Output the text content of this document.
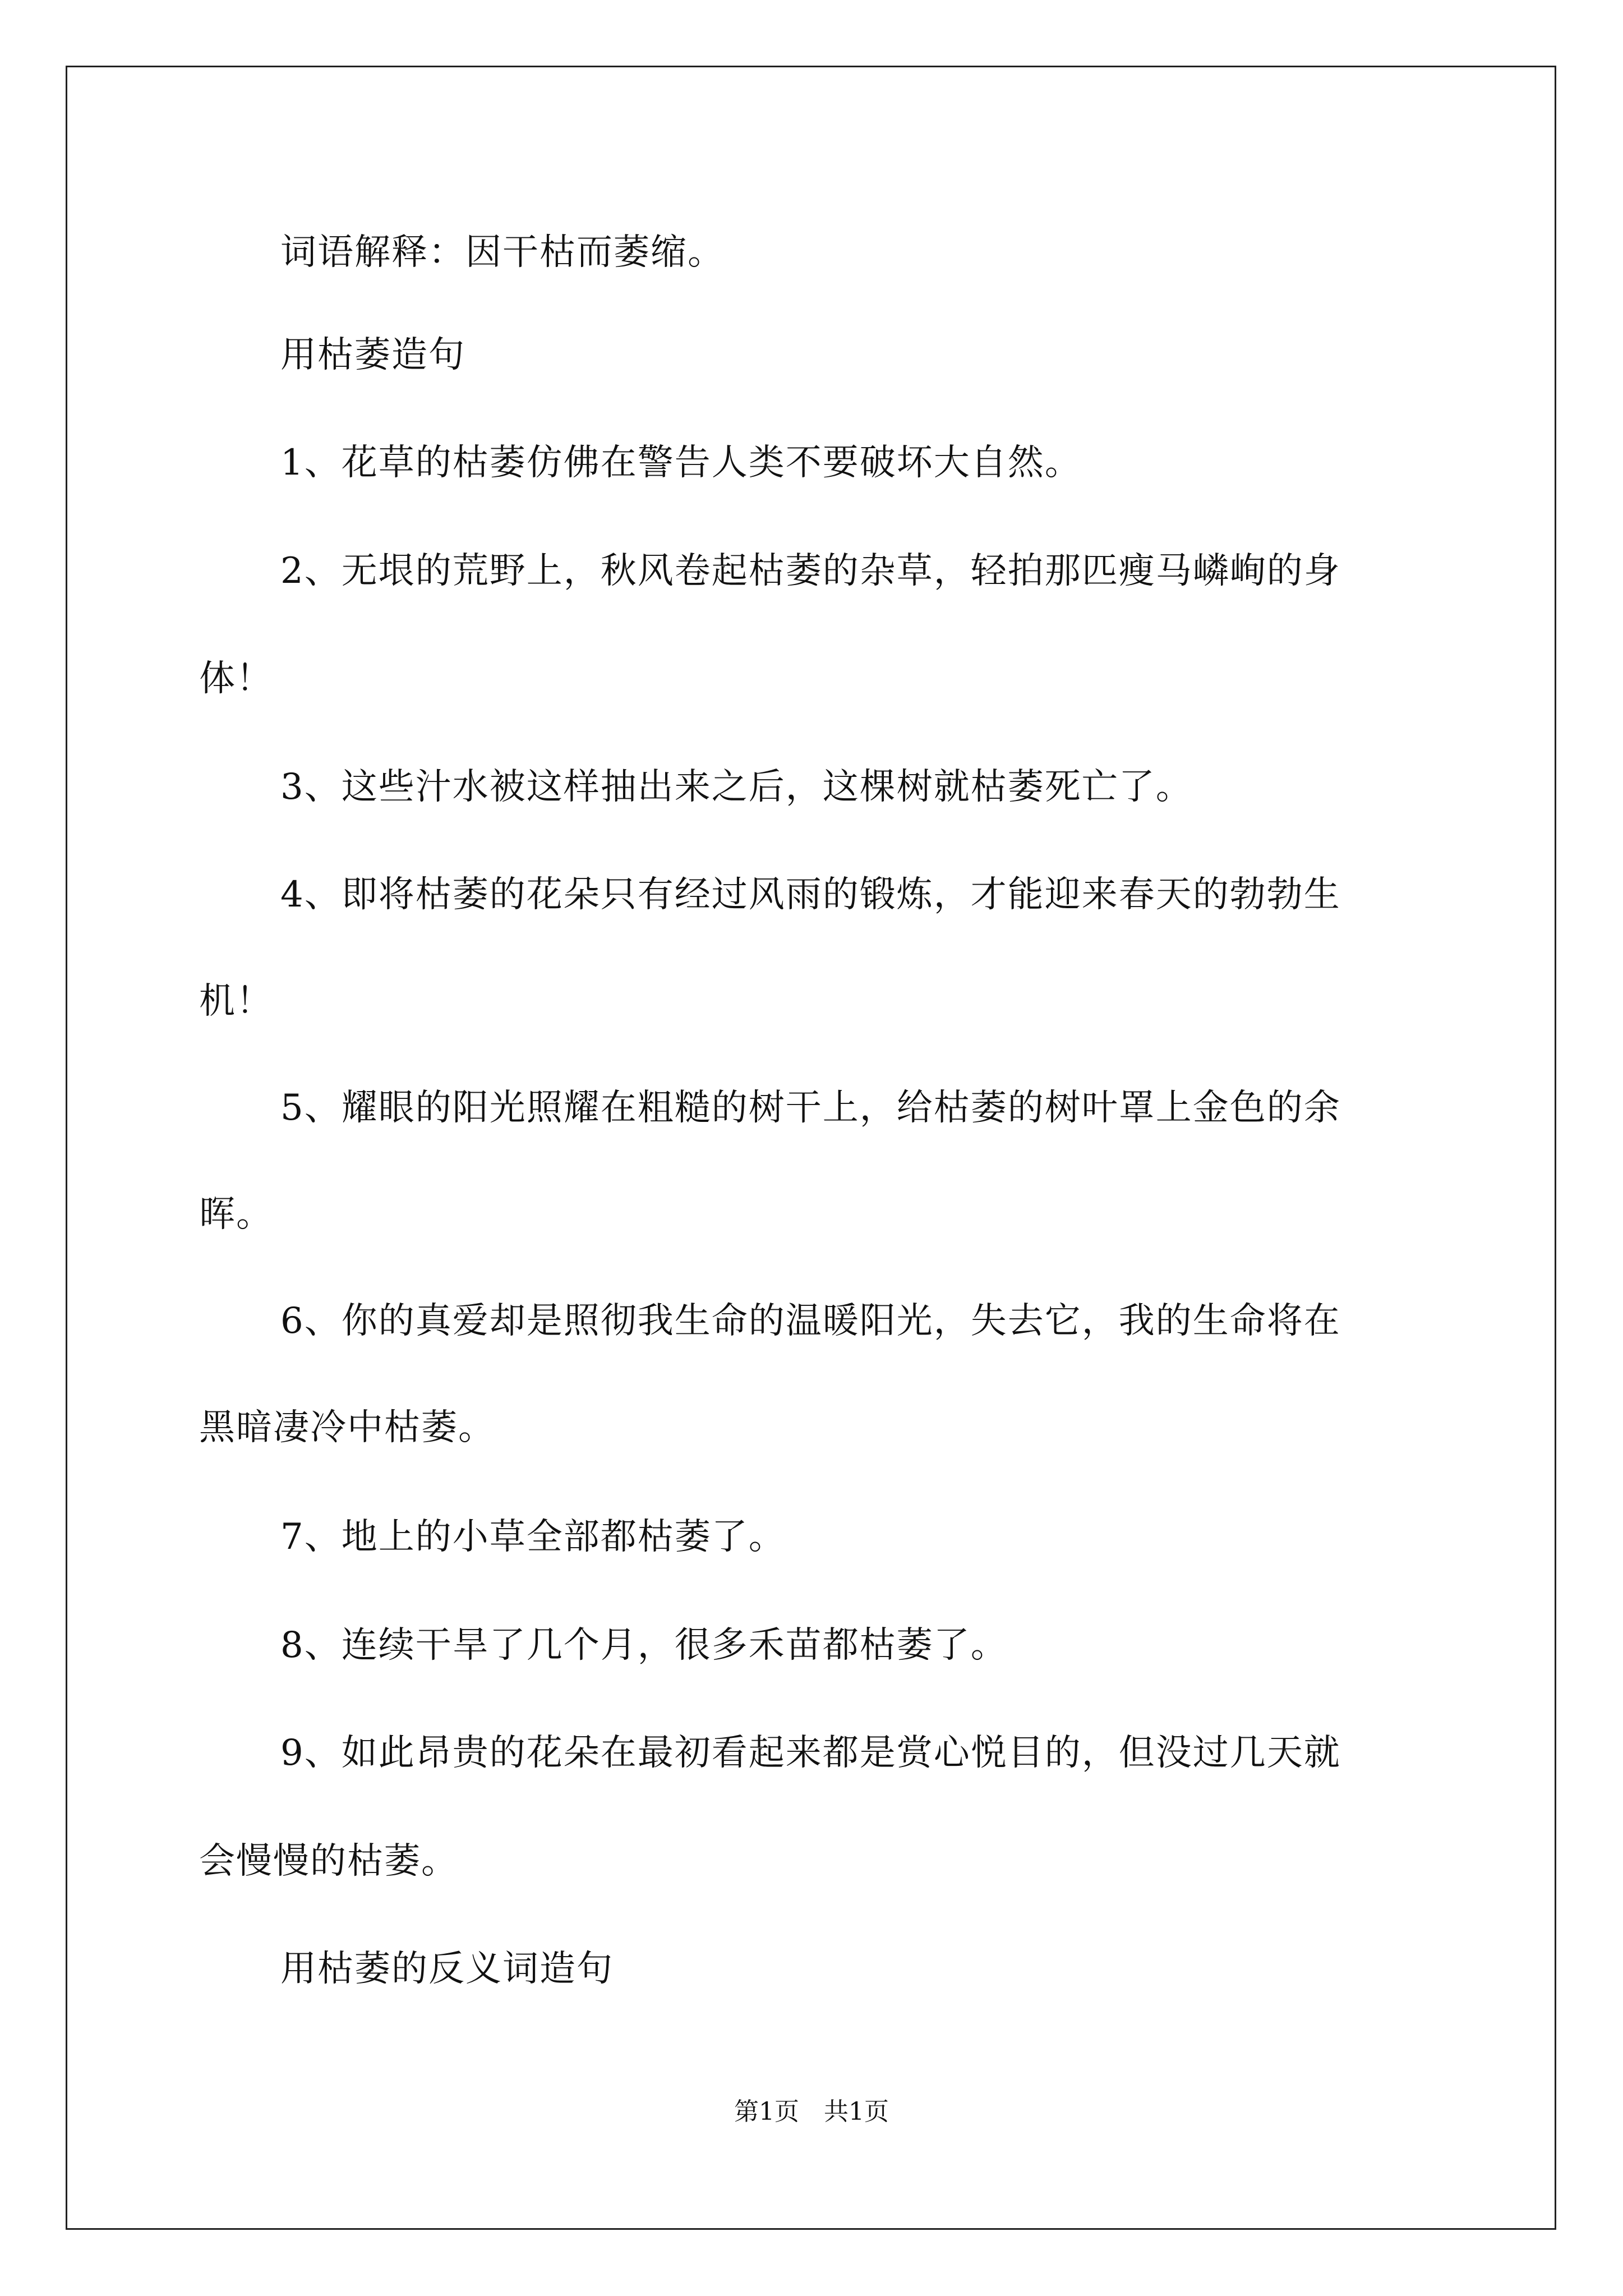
词语解释：因干枯而萎缩。
用枯萎造句
1、花草的枯萎仿佛在警告人类不要破坏大自然。
2、无垠的荒野上，秋风卷起枯萎的杂草，轻拍那匹瘦马嶙峋的身
体！
3、这些汁水被这样抽出来之后，这棵树就枯萎死亡了。
4、即将枯萎的花朵只有经过风雨的锻炼，才能迎来春天的勃勃生
机！
5、耀眼的阳光照耀在粗糙的树干上，给枯萎的树叶罩上金色的余
晖。
6、你的真爱却是照彻我生命的温暖阳光，失去它，我的生命将在
黑暗凄冷中枯萎。
7、地上的小草全部都枯萎了。
8、连续干旱了几个月，很多禾苗都枯萎了。
9、如此昂贵的花朵在最初看起来都是赏心悦目的，但没过几天就
会慢慢的枯萎。
用枯萎的反义词造句
第1页　共1页
